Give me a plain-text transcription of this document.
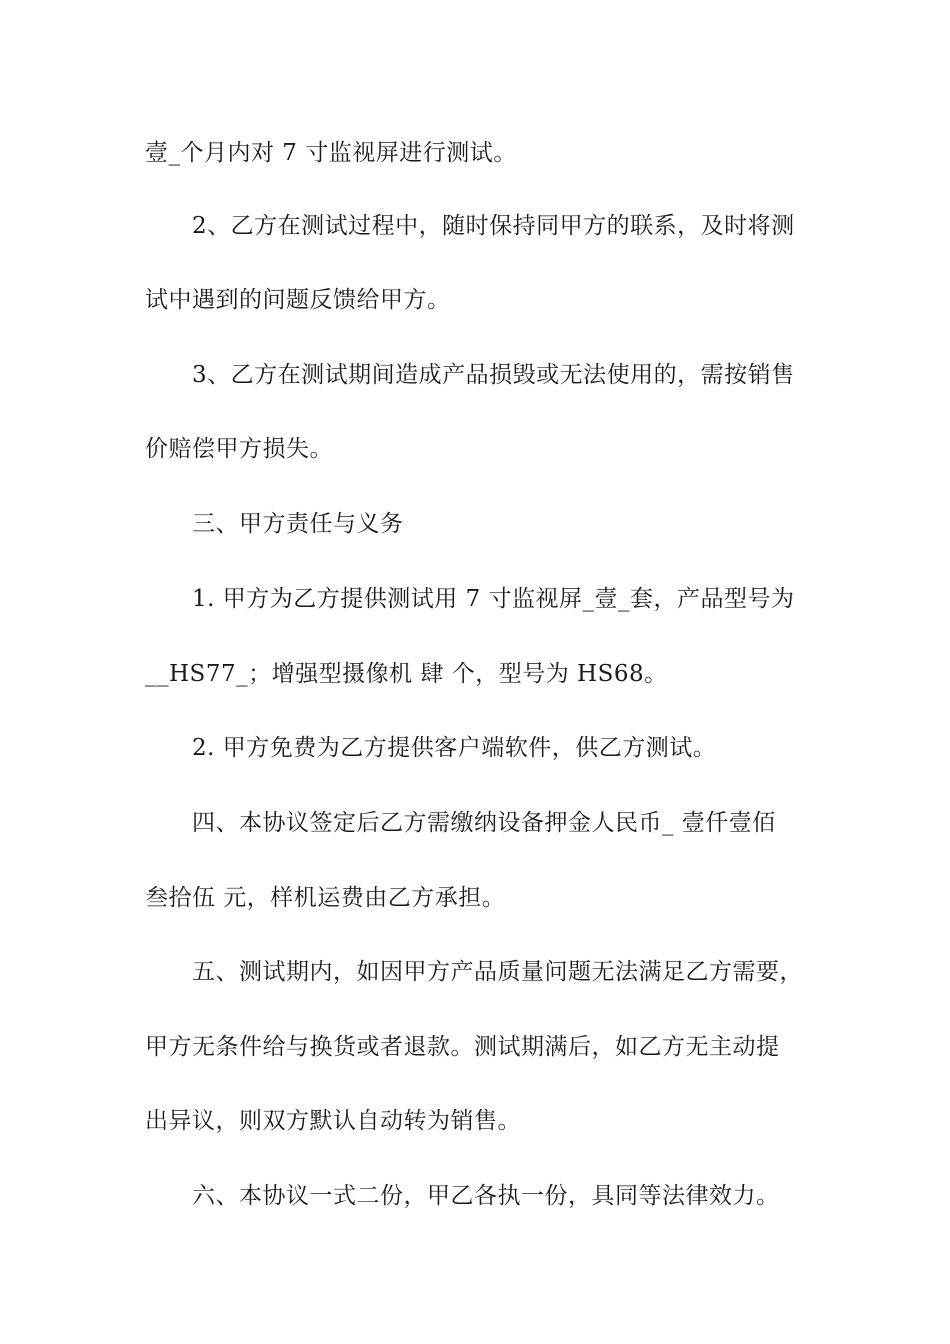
壹_个月内对 7 寸监视屏进行测试。
2、乙方在测试过程中，随时保持同甲方的联系，及时将测
试中遇到的问题反馈给甲方。
3、乙方在测试期间造成产品损毁或无法使用的，需按销售
价赔偿甲方损失。
三、甲方责任与义务
1. 甲方为乙方提供测试用 7 寸监视屏_壹_套，产品型号为
__HS77_；增强型摄像机 肆 个，型号为 HS68。
2. 甲方免费为乙方提供客户端软件，供乙方测试。
四、本协议签定后乙方需缴纳设备押金人民币_ 壹仟壹佰
叁拾伍 元，样机运费由乙方承担。
五、测试期内，如因甲方产品质量问题无法满足乙方需要，
甲方无条件给与换货或者退款。测试期满后，如乙方无主动提
出异议，则双方默认自动转为销售。
六、本协议一式二份，甲乙各执一份，具同等法律效力。
